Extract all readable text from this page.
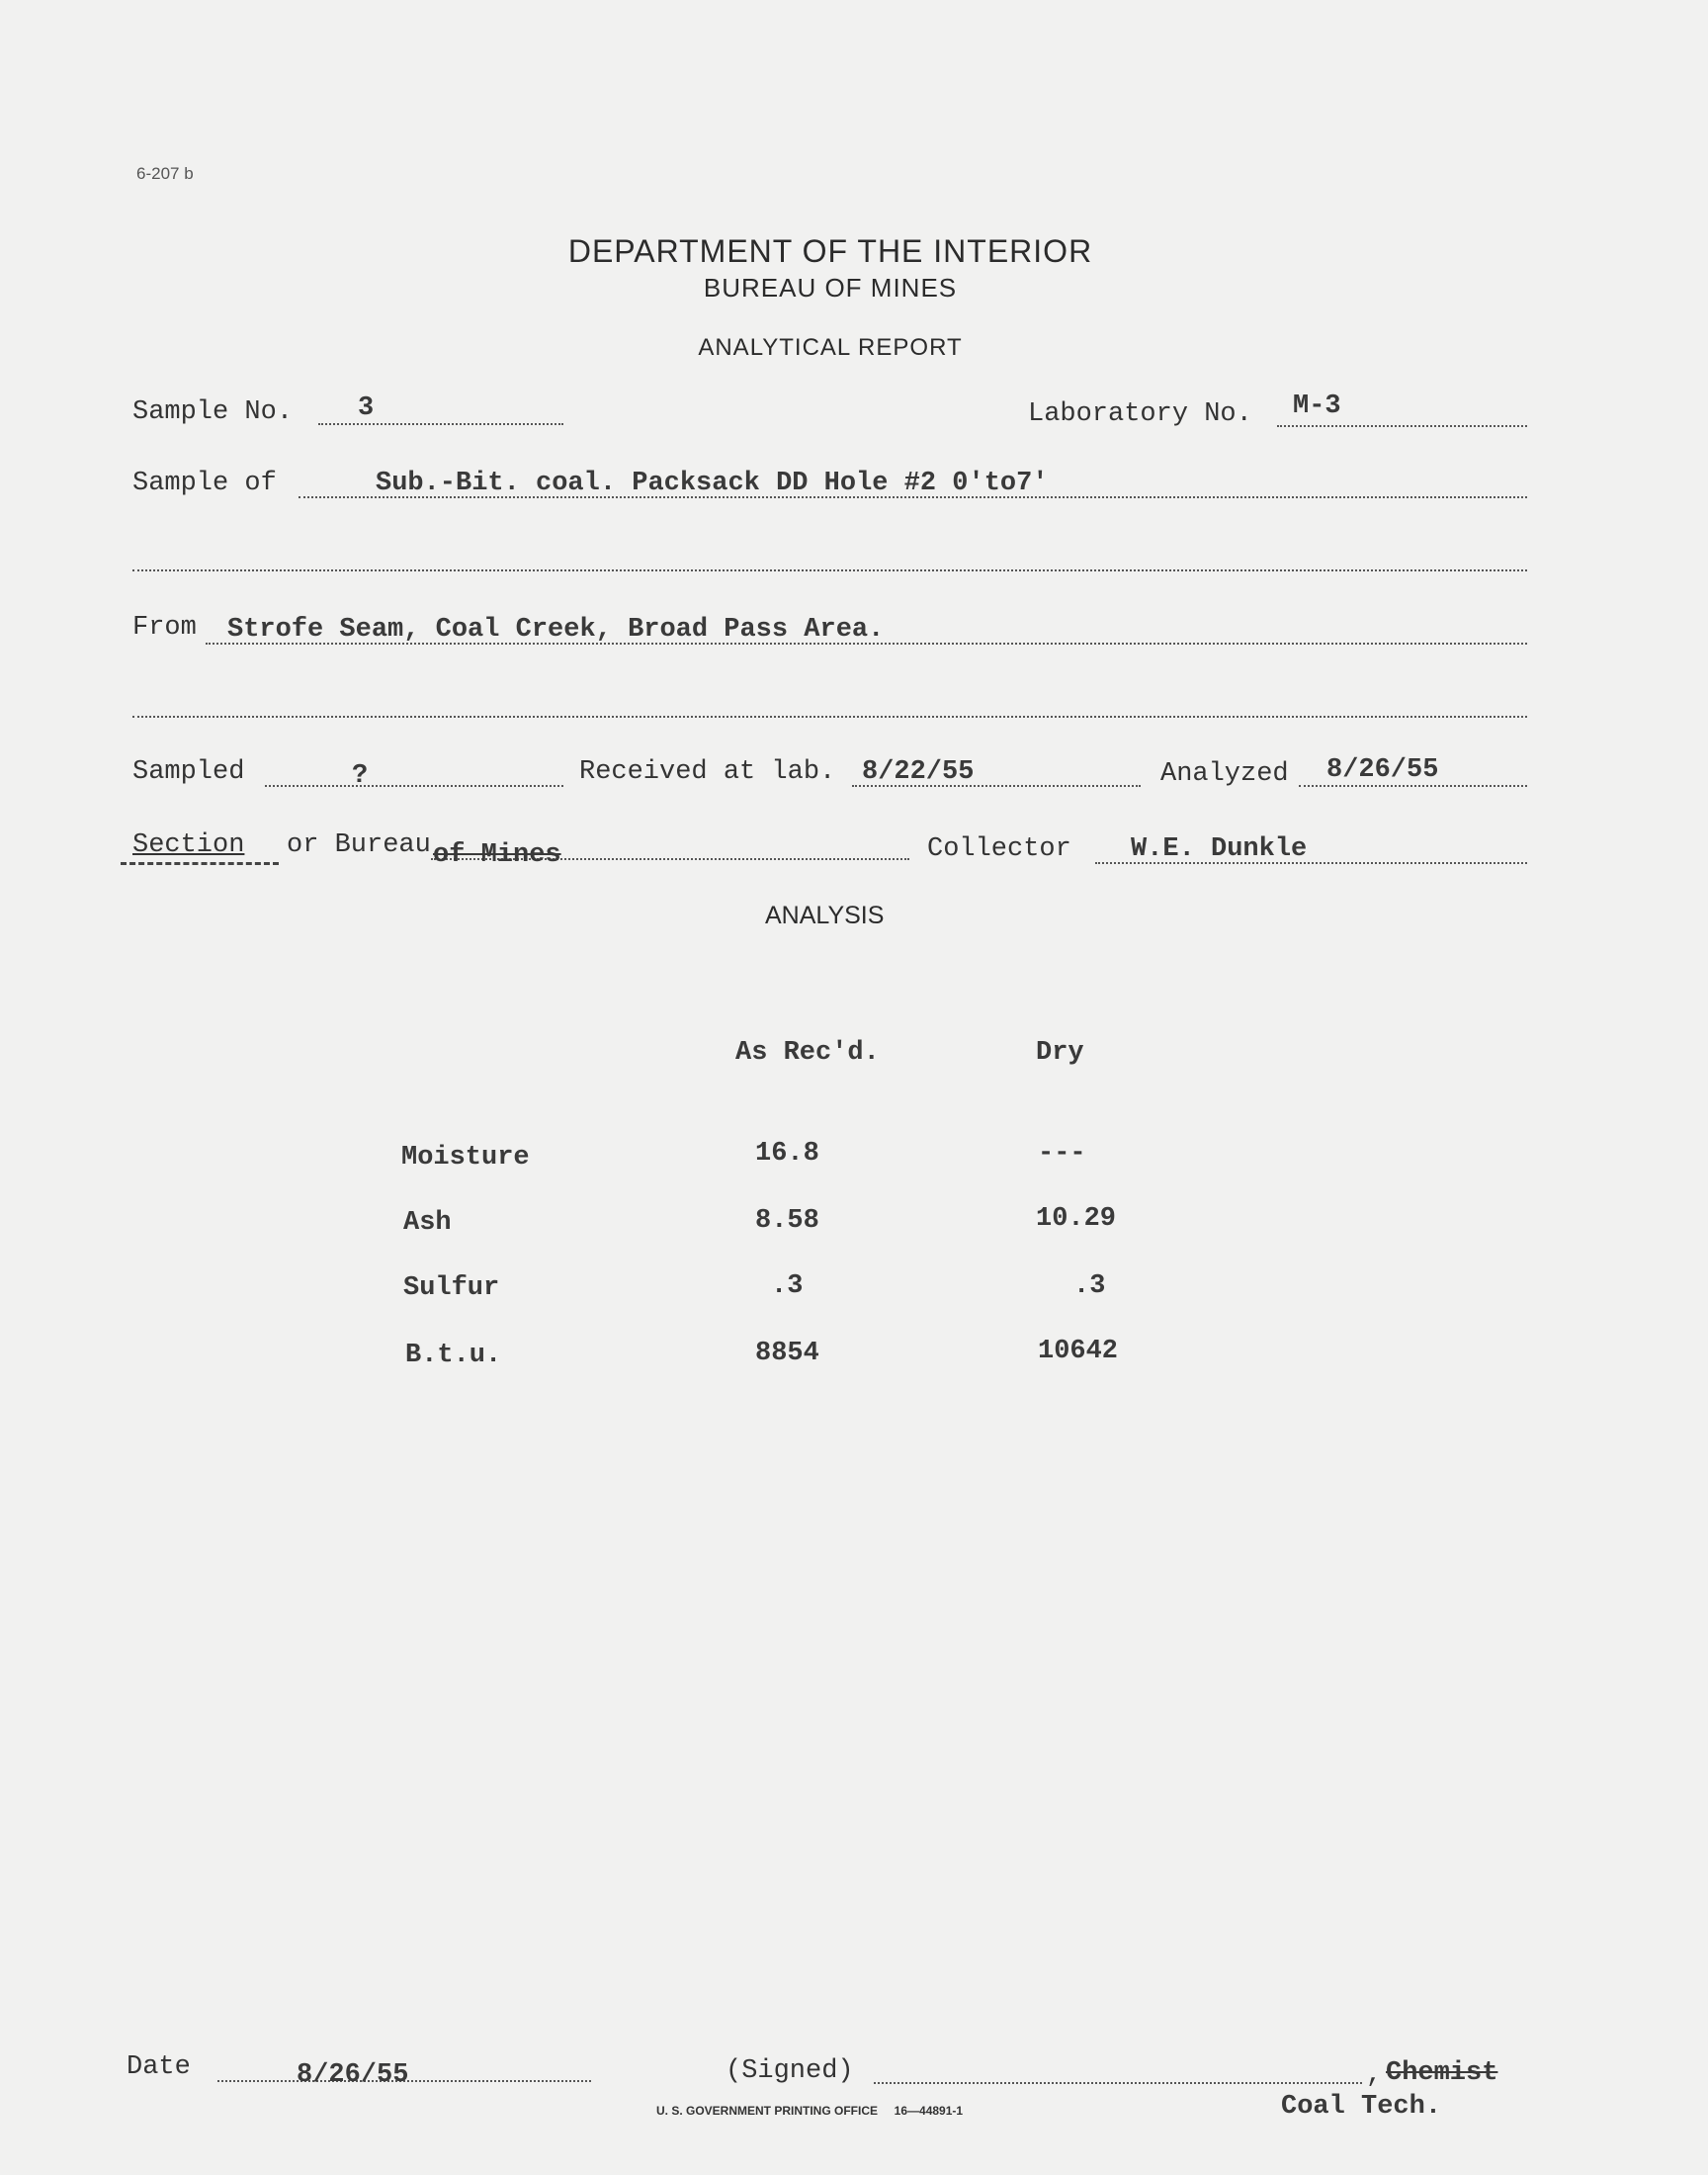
6-207 b
DEPARTMENT OF THE INTERIOR
BUREAU OF MINES
ANALYTICAL REPORT
Sample No. 3	Laboratory No. M-3
Sample of	Sub.-Bit. coal. Packsack DD Hole #2 0'to7'
From Strofe Seam, Coal Creek, Broad Pass Area.
Sampled	?	Received at lab. 8/22/55	Analyzed 8/26/55
Section or Bureau of Mines	Collector W.E. Dunkle
ANALYSIS
As Rec'd.	Dry
Moisture	16.8	---
Ash	8.58	10.29
Sulfur	.3	.3
B.t.u.	8854	10642
Date	8/26/55	(Signed)	, Chemist
Coal Tech.
U. S. GOVERNMENT PRINTING OFFICE     16—44891-1
